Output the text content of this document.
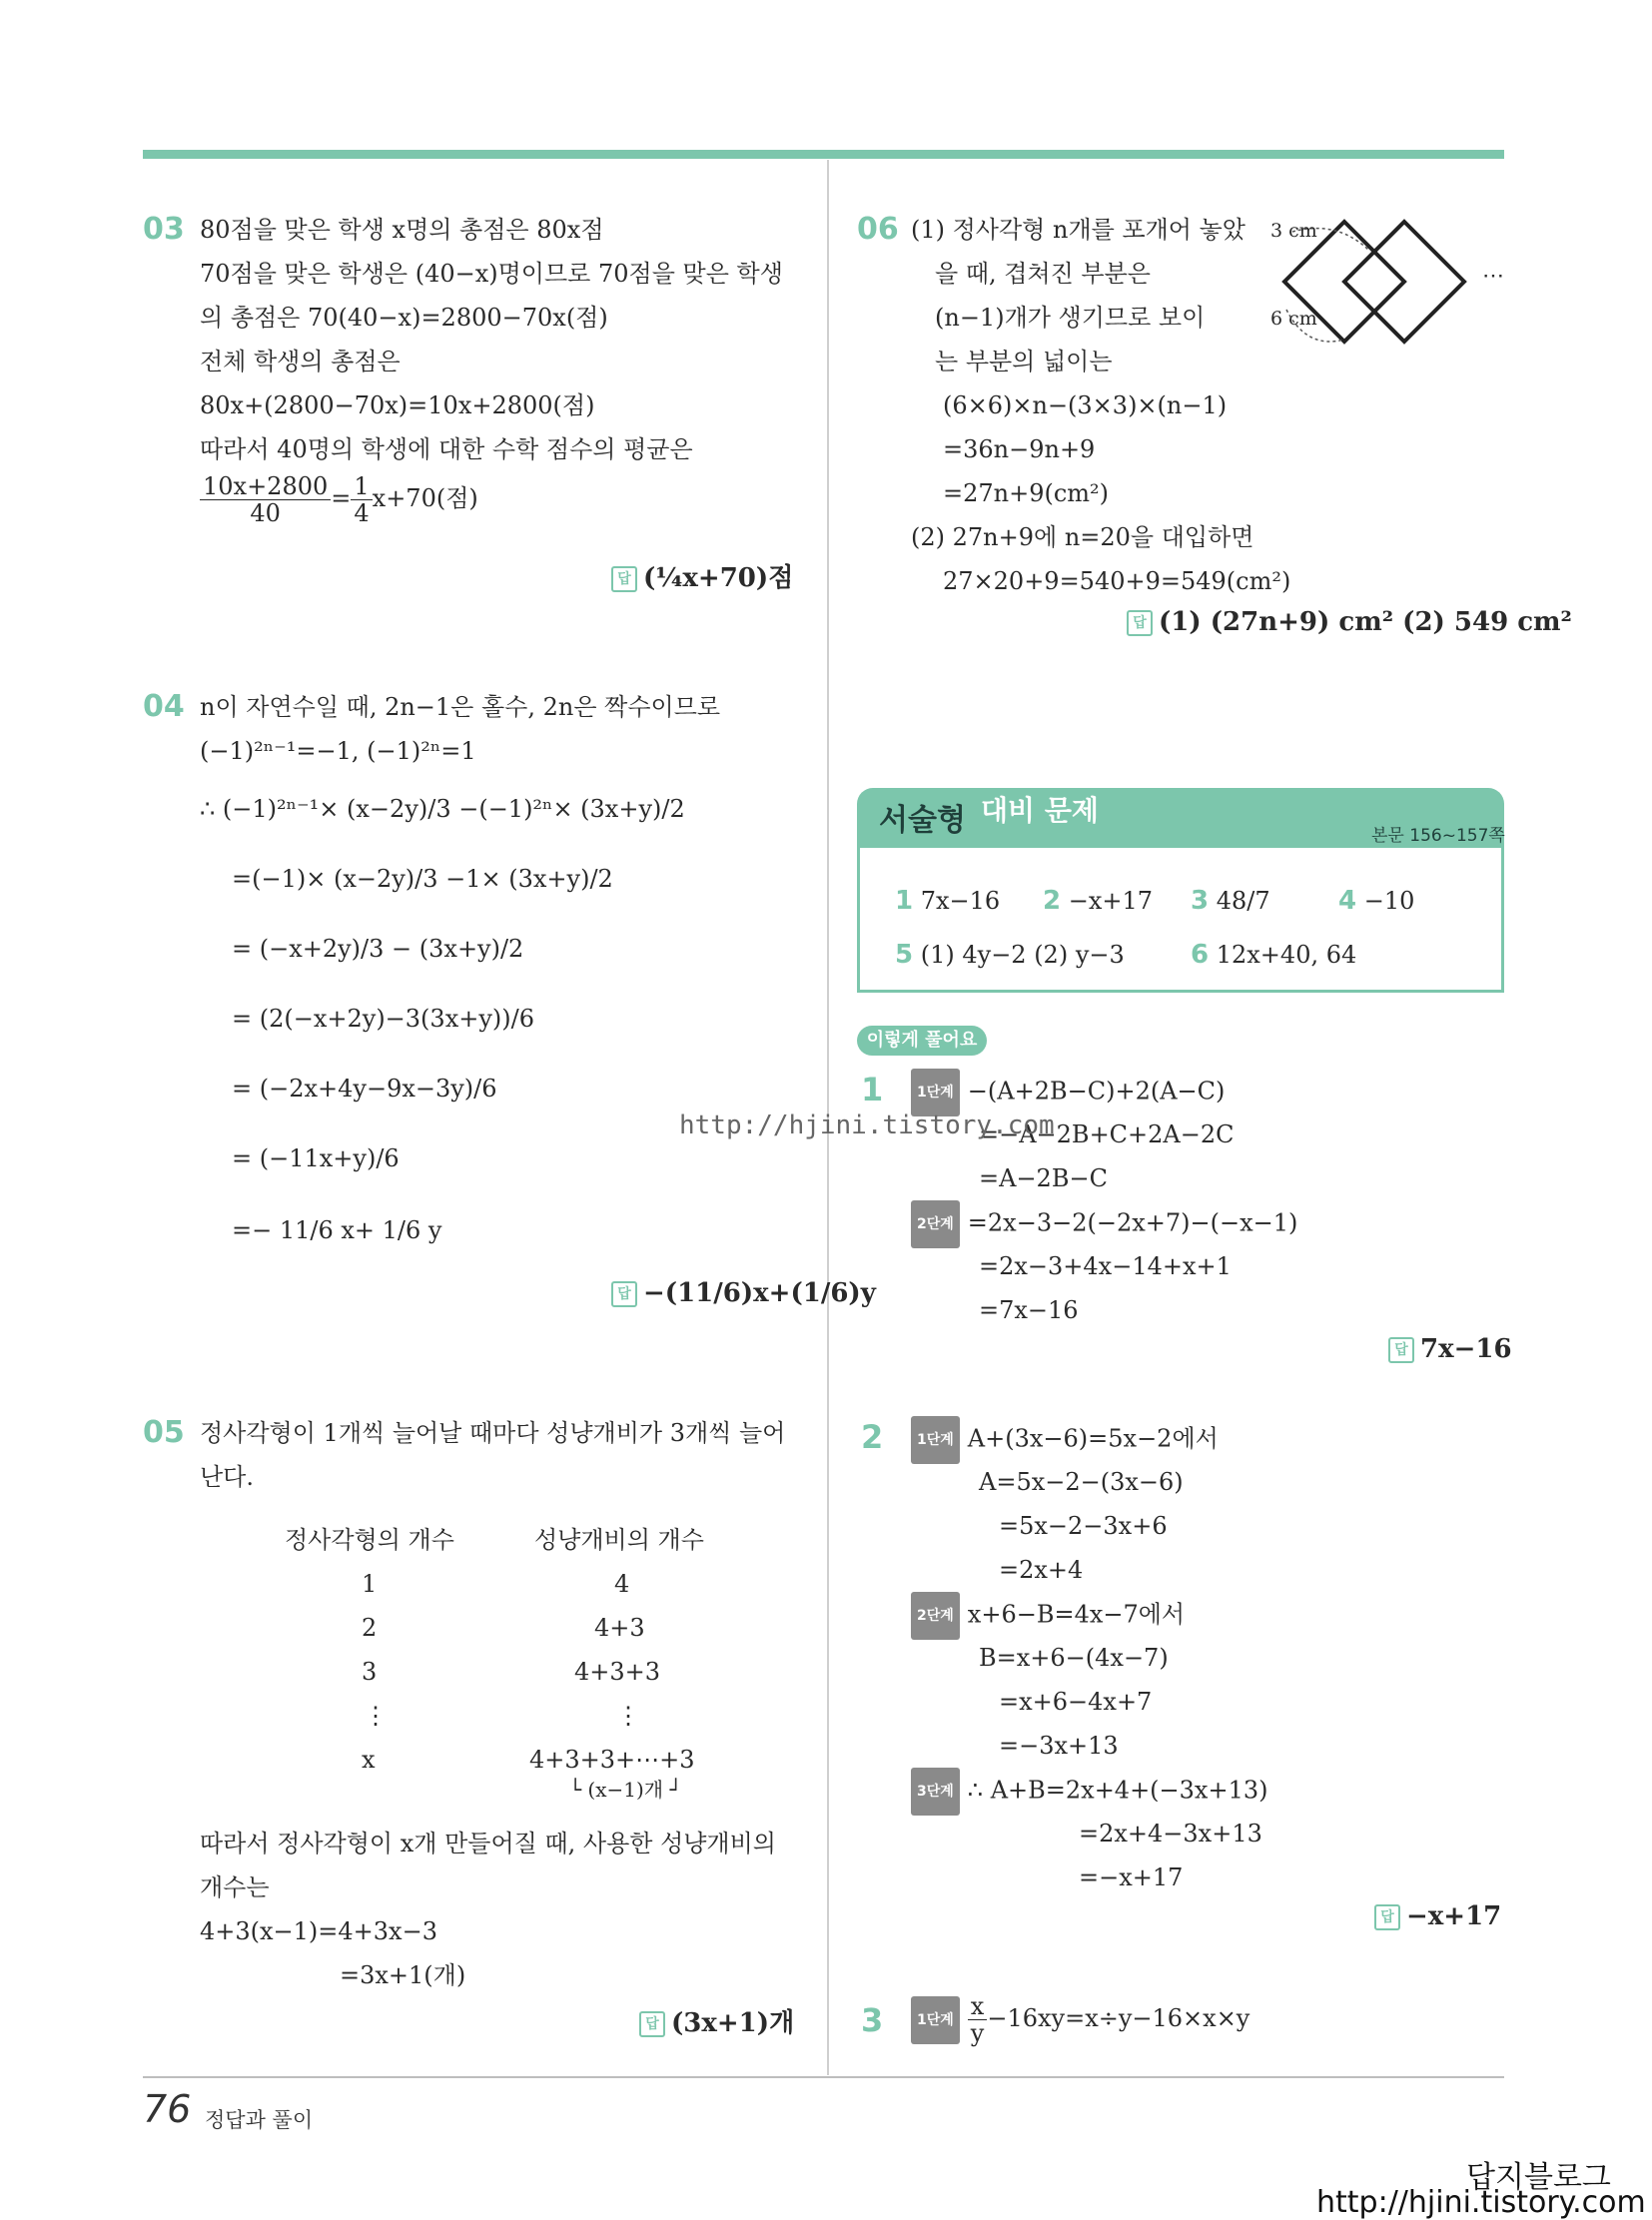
03 80점을 맞은 학생 x명의 총점은 80x점
70점을 맞은 학생은 (40−x)명이므로 70점을 맞은 학생
의 총점은 70(40−x)=2800−70x(점)
전체 학생의 총점은
80x+(2800−70x)=10x+2800(점)
따라서 40명의 학생에 대한 수학 점수의 평균은
$\frac{10x+2800}{40} = \frac{1}{4} x+70$(점)
답 (¼x+70)점
04 n이 자연수일 때, 2n−1은 홀수, 2n은 짝수이므로
(−1)²ⁿ⁻¹=−1, (−1)²ⁿ=1
∴ (−1)²ⁿ⁻¹× (x−2y)/3 −(−1)²ⁿ× (3x+y)/2
=(−1)× (x−2y)/3 −1× (3x+y)/2
= (−x+2y)/3 − (3x+y)/2
= (2(−x+2y)−3(3x+y))/6
= (−2x+4y−9x−3y)/6
= (−11x+y)/6
=− 11/6 x+ 1/6 y
답 −(11/6)x+(1/6)y
05 정사각형이 1개씩 늘어날 때마다 성냥개비가 3개씩 늘어
난다.
정사각형의 개수	성냥개비의 개수
1	4
2	4+3
3	4+3+3
⋮	⋮
x	4+3+3+⋯+3
└ (x−1)개 ┘
따라서 정사각형이 x개 만들어질 때, 사용한 성냥개비의
개수는
4+3(x−1)=4+3x−3
=3x+1(개)
답 (3x+1)개
06 (1) 정사각형 n개를 포개어 놓았
을 때, 겹쳐진 부분은
(n−1)개가 생기므로 보이
는 부분의 넓이는
(6×6)×n−(3×3)×(n−1)
=36n−9n+9
=27n+9(cm²)
(2) 27n+9에 n=20을 대입하면
27×20+9=540+9=549(cm²)
답 (1) (27n+9) cm² (2) 549 cm²
3 cm
6 cm
⋯
서술형 대비 문제
본문 156~157쪽
1 7x−16 2 −x+17 3 48/7	4 −10
5 (1) 4y−2 (2) y−3	6 12x+40, 64
이렇게 풀어요
1	1단계 −(A+2B−C)+2(A−C)
=−A−2B+C+2A−2C
=A−2B−C
2단계 =2x−3−2(−2x+7)−(−x−1)
=2x−3+4x−14+x+1
=7x−16
답 7x−16
http://hjini.tistory.com
2	1단계 A+(3x−6)=5x−2에서
A=5x−2−(3x−6)
=5x−2−3x+6
=2x+4
2단계 x+6−B=4x−7에서
B=x+6−(4x−7)
=x+6−4x+7
=−3x+13
3단계 ∴ A+B=2x+4+(−3x+13)
=2x+4−3x+13
=−x+17
답 −x+17
3	1단계 $\frac{x}{y} -16xy=x\div y-16\times x\times y$
76 정답과 풀이
답지블로그
http://hjini.tistory.com
